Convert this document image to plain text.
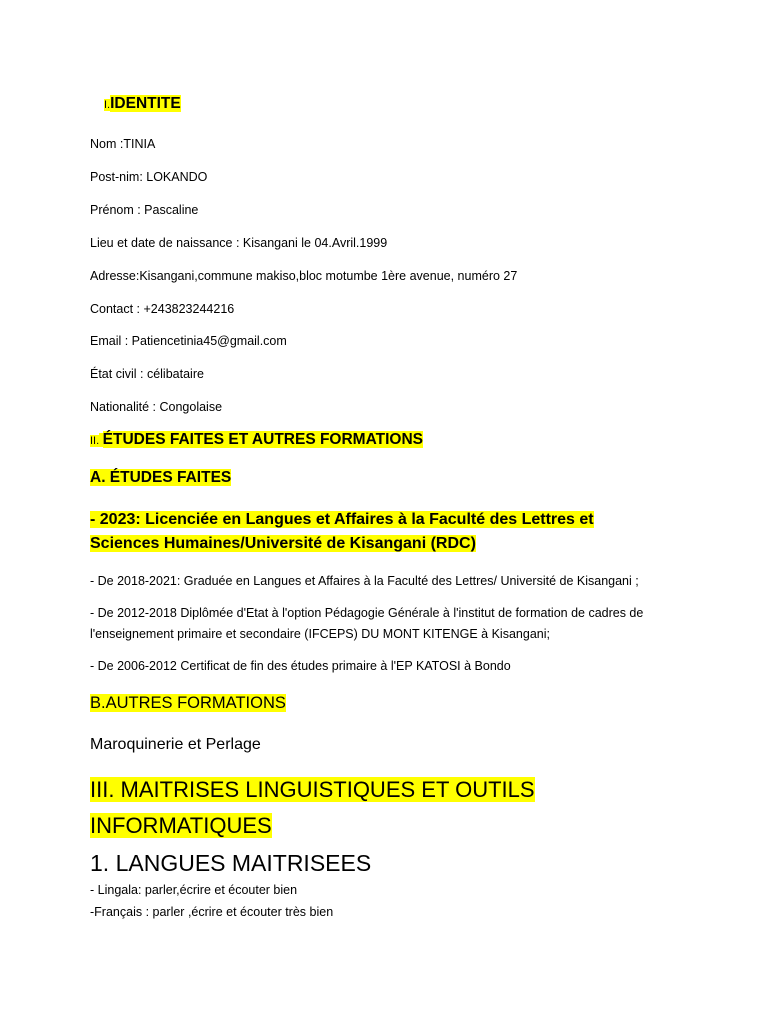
I.IDENTITE
Nom :TINIA
Post-nim: LOKANDO
Prénom : Pascaline
Lieu et date de naissance : Kisangani le 04.Avril.1999
Adresse:Kisangani,commune makiso,bloc motumbe 1ère avenue, numéro 27
Contact : +243823244216
Email : Patiencetinia45@gmail.com
État civil : célibataire
Nationalité : Congolaise
II. ÉTUDES FAITES ET AUTRES FORMATIONS
A. ÉTUDES FAITES
- 2023: Licenciée en Langues et Affaires à la Faculté des Lettres et Sciences Humaines/Université de Kisangani (RDC)
- De 2018-2021: Graduée en Langues et Affaires à la Faculté des Lettres/ Université de Kisangani ;
- De 2012-2018 Diplômée d'Etat à l'option Pédagogie Générale à l'institut de formation de cadres de l'enseignement primaire et secondaire (IFCEPS) DU MONT KITENGE à Kisangani;
- De 2006-2012 Certificat de fin des études primaire à l'EP KATOSI à Bondo
B.AUTRES FORMATIONS
Maroquinerie et Perlage
III. MAITRISES LINGUISTIQUES ET OUTILS INFORMATIQUES
1. LANGUES MAITRISEES
- Lingala: parler,écrire et écouter bien
-Français : parler ,écrire et écouter très bien
